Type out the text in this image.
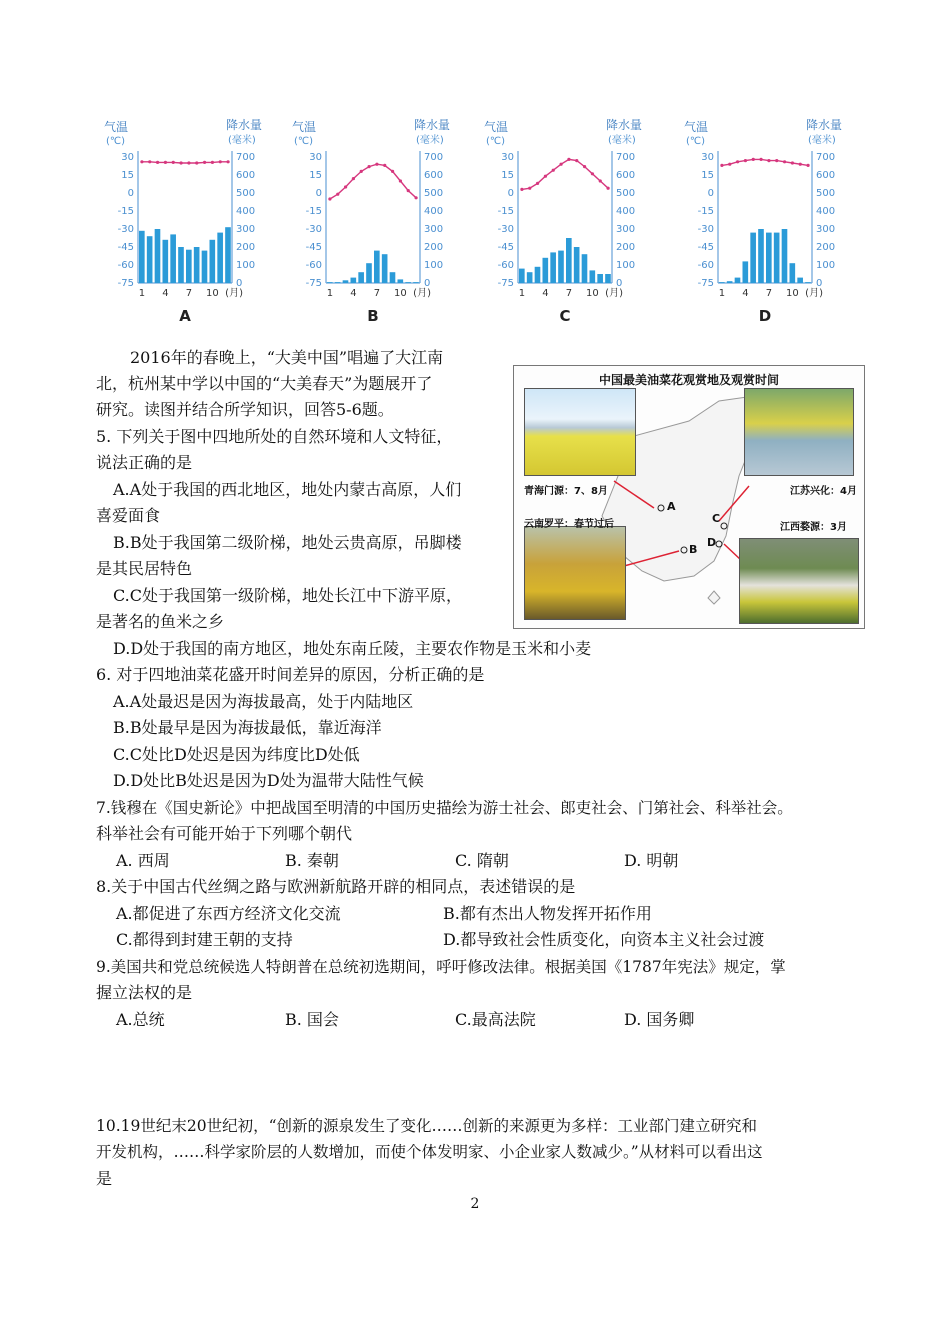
气温
(℃)
降水量
(毫米)
30
15
0
-15
-30
-45
-60
-75
700
600
500
400
300
200
100
0
1 4 7 10 (月)
A
气温
(℃)
降水量
(毫米)
30
15
0
-15
-30
-45
-60
-75
700
600
500
400
300
200
100
0
1 4 7 10 (月)
B
气温
(℃)
降水量
(毫米)
30
15
0
-15
-30
-45
-60
-75
700
600
500
400
300
200
100
0
1 4 7 10 (月)
C
气温
(℃)
降水量
(毫米)
30
15
0
-15
-30
-45
-60
-75
700
600
500
400
300
200
100
0
1 4 7 10 (月)
D
2016年的春晚上，“大美中国”唱遍了大江南
北，杭州某中学以中国的“大美春天”为题展开了
研究。读图并结合所学知识，回答5-6题。
中国最美油菜花观赏地及观赏时间
青海门源：7、8月	江苏兴化：4月
云南罗平：春节过后	江西婺源：3月
A
B
C
D
5. 下列关于图中四地所处的自然环境和人文特征，
说法正确的是
A.A处于我国的西北地区，地处内蒙古高原，人们
喜爱面食
B.B处于我国第二级阶梯，地处云贵高原，吊脚楼
是其民居特色
C.C处于我国第一级阶梯，地处长江中下游平原，
是著名的鱼米之乡
D.D处于我国的南方地区，地处东南丘陵，主要农作物是玉米和小麦
6. 对于四地油菜花盛开时间差异的原因，分析正确的是
A.A处最迟是因为海拔最高，处于内陆地区
B.B处最早是因为海拔最低，靠近海洋
C.C处比D处迟是因为纬度比D处低
D.D处比B处迟是因为D处为温带大陆性气候
7.钱穆在《国史新论》中把战国至明清的中国历史描绘为游士社会、郎吏社会、门第社会、科举社会。
科举社会有可能开始于下列哪个朝代
A. 西周	B. 秦朝	C. 隋朝	D. 明朝
8.关于中国古代丝绸之路与欧洲新航路开辟的相同点，表述错误的是
A.都促进了东西方经济文化交流	B.都有杰出人物发挥开拓作用
C.都得到封建王朝的支持	D.都导致社会性质变化，向资本主义社会过渡
9.美国共和党总统候选人特朗普在总统初选期间，呼吁修改法律。根据美国《1787年宪法》规定，掌
握立法权的是
A.总统	B. 国会	C.最高法院	D. 国务卿
10.19世纪末20世纪初，“创新的源泉发生了变化……创新的来源更为多样：工业部门建立研究和
开发机构，……科学家阶层的人数增加，而使个体发明家、小企业家人数减少。”从材料可以看出这
是
2
